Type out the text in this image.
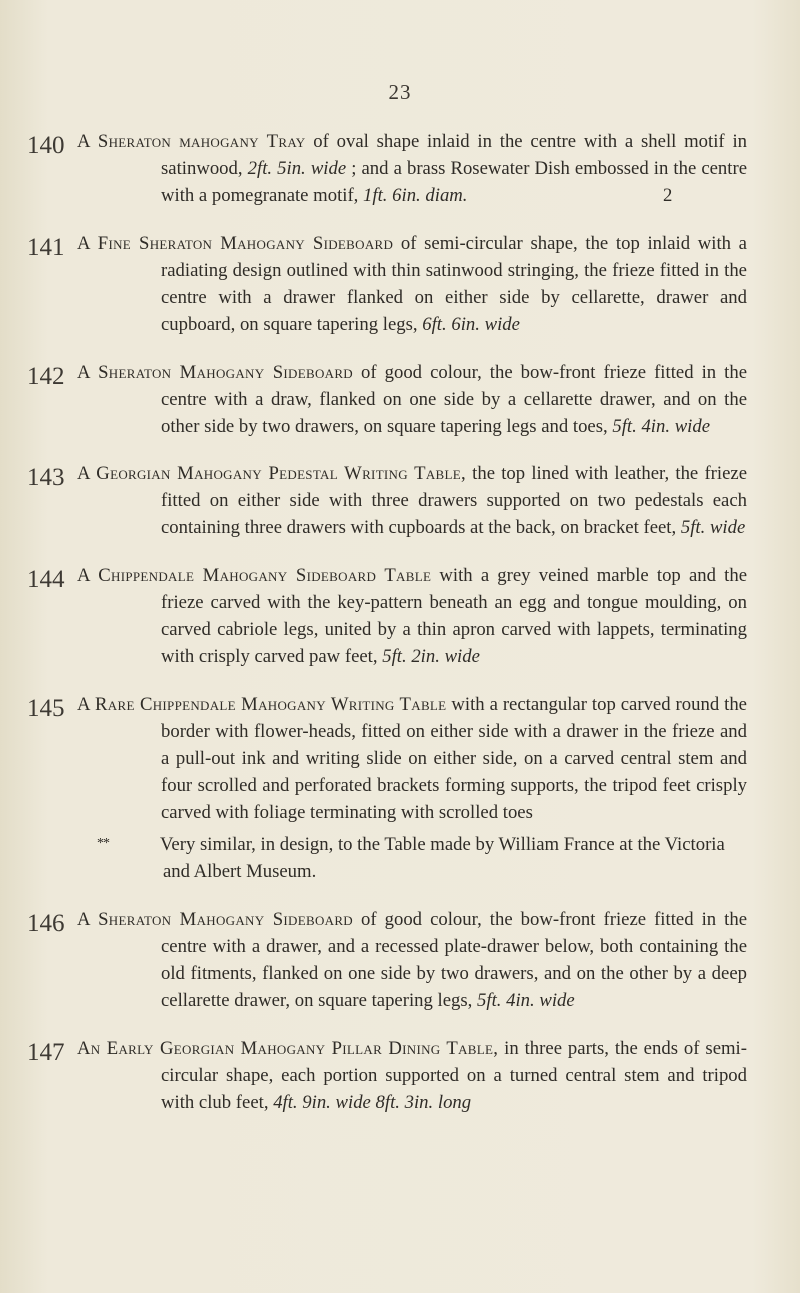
23
140 A Sheraton mahogany Tray of oval shape inlaid in the centre with a shell motif in satinwood, 2ft. 5in. wide ; and a brass Rosewater Dish embossed in the centre with a pomegranate motif, 1ft. 6in. diam.	2
141 A Fine Sheraton Mahogany Sideboard of semi-circular shape, the top inlaid with a radiating design outlined with thin satinwood stringing, the frieze fitted in the centre with a drawer flanked on either side by cellarette, drawer and cupboard, on square tapering legs, 6ft. 6in. wide
142 A Sheraton Mahogany Sideboard of good colour, the bow-front frieze fitted in the centre with a draw, flanked on one side by a cellarette drawer, and on the other side by two drawers, on square tapering legs and toes, 5ft. 4in. wide
143 A Georgian Mahogany Pedestal Writing Table, the top lined with leather, the frieze fitted on either side with three drawers supported on two pedestals each containing three drawers with cupboards at the back, on bracket feet, 5ft. wide
144 A Chippendale Mahogany Sideboard Table with a grey veined marble top and the frieze carved with the key-pattern beneath an egg and tongue moulding, on carved cabriole legs, united by a thin apron carved with lappets, terminating with crisply carved paw feet, 5ft. 2in. wide
145 A Rare Chippendale Mahogany Writing Table with a rectangular top carved round the border with flower-heads, fitted on either side with a drawer in the frieze and a pull-out ink and writing slide on either side, on a carved central stem and four scrolled and perforated brackets forming supports, the tripod feet crisply carved with foliage terminating with scrolled toes
**	Very similar, in design, to the Table made by William France at the Victoria and Albert Museum.
146 A Sheraton Mahogany Sideboard of good colour, the bow-front frieze fitted in the centre with a drawer, and a recessed plate-drawer below, both containing the old fitments, flanked on one side by two drawers, and on the other by a deep cellarette drawer, on square tapering legs, 5ft. 4in. wide
147 An Early Georgian Mahogany Pillar Dining Table, in three parts, the ends of semi-circular shape, each portion supported on a turned central stem and tripod with club feet, 4ft. 9in. wide 8ft. 3in. long
